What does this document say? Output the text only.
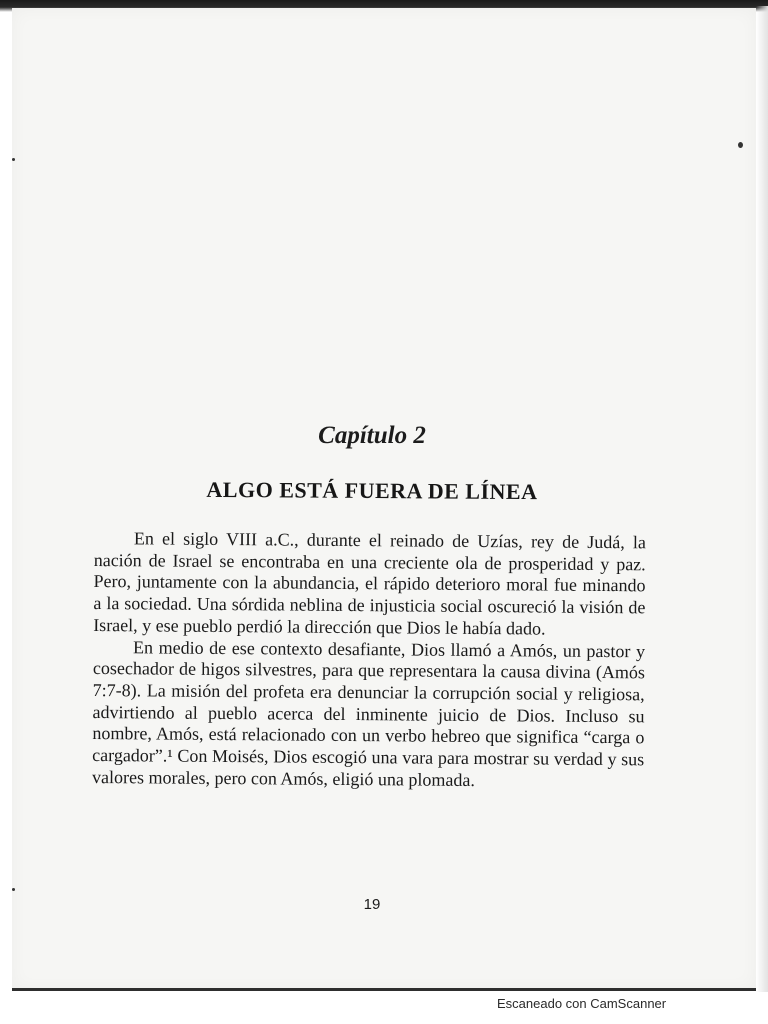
Capítulo 2
ALGO ESTÁ FUERA DE LÍNEA

En el siglo VIII a.C., durante el reinado de Uzías, rey de Judá, la nación de Israel se encontraba en una creciente ola de prosperidad y paz. Pero, juntamente con la abundancia, el rápido deterioro moral fue minando a la sociedad. Una sórdida neblina de injusticia social oscureció la visión de Israel, y ese pueblo perdió la dirección que Dios le había dado.

En medio de ese contexto desafiante, Dios llamó a Amós, un pastor y cosechador de higos silvestres, para que representara la causa divina (Amós 7:7-8). La misión del profeta era denunciar la corrupción social y religiosa, advirtiendo al pueblo acerca del inminente juicio de Dios. Incluso su nombre, Amós, está relacionado con un verbo hebreo que significa “carga o cargador”.¹ Con Moisés, Dios escogió una vara para mostrar su verdad y sus valores morales, pero con Amós, eligió una plomada.

19

Escaneado con CamScanner
